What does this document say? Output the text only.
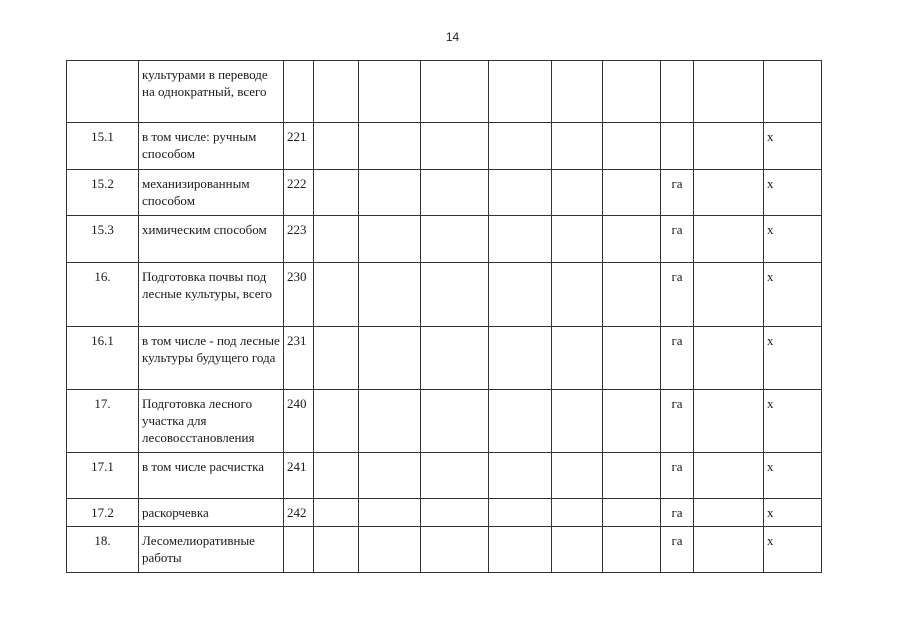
14
	культурами в переводе на однократный, всего										
15.1	в том числе: ручным способом	221									х
15.2	механизированным способом	222							га		х
15.3	химическим способом	223							га		х
16.	Подготовка почвы под лесные культуры, всего	230							га		х
16.1	в том числе - под лесные культуры будущего года	231							га		х
17.	Подготовка лесного участка для лесовосстановления	240							га		х
17.1	в том числе расчистка	241							га		х
17.2	раскорчевка	242							га		х
18.	Лесомелиоративные работы								га		х
